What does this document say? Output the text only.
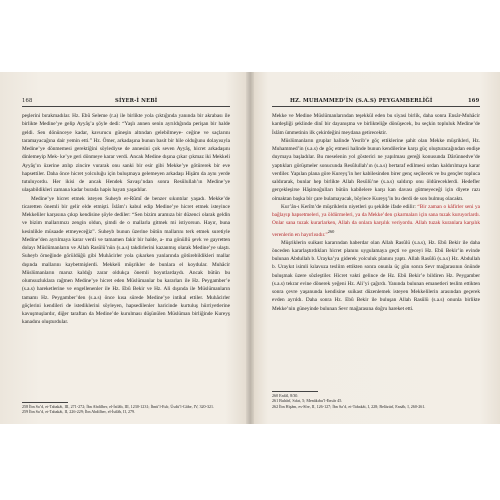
168	SİYER-İ NEBİ

peşlerini bırakmadılar. Hz. Ebû Seleme (r.a) ile birlikte yola çıktığında yanında bir akrabası ile birlikte Medine’ye gelip Ayyâş’a şöyle dedi: “Yaşlı annen senin ayrıldığında perişan bir halde geldi. Sen dönünceye kadar, kavurucu güneşin altından gelebilmeye- ceğine ve saçlarını taramayacağına dair yemin etti.” Hz. Ömer, arkadaşına bunun basit bir hile olduğunu dolayısıyla Medine’ye dönmemesi gerektiğini söylediyse de annesini çok seven Ayyâş, hicret arkadaşını dinlemeyip Mek- ke’ye geri dönmeye karar verdi. Ancak Medine dışına çıkar çıkmaz iki Mekkeli Ayyâş’ın üzerine atılıp zincire vurarak onu sanki bir esir gibi Mekke’ye götürerek bir eve hapsettiler. Daha önce hicret yolculuğu için buluşmaya gelemeyen arkadaşı Hişâm da aynı yerde tutuluyordu. Her ikisi de ancak Hendek Savaşı’ndan sonra Resûlullah’ın Medine’ye ulaşabildikleri zamana kadar burada hapis hayatı yaşadılar.

Medine’ye hicret etmek isteyen Suheyb er-Rûmî de benzer sıkıntılar yaşadı. Mekke’de ticaretten önemli bir gelir elde etmişti. İslâm’ı kabul edip Medine’ye hicret etmek isteyince Mekkeliler karşısına çıkıp kendisine şöyle dediler: “Sen bizim aramıza bir düzenci olarak geldin ve bizim mallarımızı zengin oldun, şimdi de o mallarla gitmek mi istiyorsun. Hayır, buna kesinlikle müsaade etmeyeceğiz”. Suheyb bunun üzerine bütün mallarını terk etmek suretiyle Medine’den ayrılmaya karar verdi ve tamamen fakir bir halde, a- ma gönüllü şevk ve gayretten dolayı Müslümanların ve Allah Rasûlü’nün (s.a.s) takdirlerini kazanmış olarak Medine’ye ulaştı. Suheyb örneğinde görüldüğü gibi Muhâcirler yola çıkarken yanlarında götürebildikleri mallar dışında mallarını kaybetmişlerdi. Mekkeli müşrikler de bunlara el koydular. Muhâcir Müslümanların maruz kaldığı zarar oldukça önemli boyutlardaydı. Ancak bütün bu olumsuzluklara rağmen Medine’ye hicret eden Müslümanlar bu kararları ile Hz. Peygamber’e (s.a.s) hareketlerine ve engellenenler ile Hz. Ebû Bekir ve Hz. Ali dışında ile Müslümanların tamamı Hz. Peygamber’den (s.a.s) önce kısa sürede Medine’ye intikal ettiler. Muhâcirler göçlerini kendileri de istediklerini söyleyen, hapsedilenler haricinde kurtuluş hürriyetlerine kavuşmuşlardır, diğer taraftan da Medine’de kurulması düşünülen Müslüman birliğinde Kureyş kanadını oluşturdular.

258 İbn Sa’d, et-Tabakât, III, 271-272; İbn Abdilber, el-İstîâb, III, 1230-1231; İbnü’l-Esîr, Üsdü’l-Gâbe, IV, 320-321.
259 İbn Sa’d, et-Tabakât, II, 226-229; İbn Abdilber, el-İstîâb, II, 279.
HZ. MUHAMMED’İN (S.A.S) PEYGAMBERLİĞİ	169

Mekke ve Medine Müslümanlarından teşekkül eden bu siyasi birlik, daha sonra Ensâr-Muhâcir kardeşliği şeklinde dinî bir dayanışma ve birlikteliğe dönüşecek, bu seçkin topluluk Medine’de İslâm ümmetinin ilk çekirdeğini meydana getirecektir.

Müslümanların gruplar halinde Yesrib’e göç ettiklerine şahit olan Mekke müşrikleri, Hz. Muhammed’in (s.a.s) de göç etmesi halinde bunun kendilerine karşı güç oluşturacağından endişe duymaya başladılar. Bu meselenin yol gösterici ne yapılması gereği konusunda Dârünnedve’de yaptıkları görüşmeler sonucunda Resûlullah’ın (s.a.s) bertaraf edilmesi ordan kaldırılmaya karar verdiler. Yapılan plana göre Kureyş’in her kabilesinden birer genç seçilecek ve bu gençler topluca saldırarak, bunlar hep birlikte Allah Resûlü’ne (s.a.s) saldırıp onu öldüreceklerdi. Hedefler gerçekleşirse Hâşimoğulları bütün kabilelere karşı kan davası gütmeyeceği için diyete razı olmaktan başka bir çare bulamayacak, böylece Kureyş’in bu derdi de son bulmuş olacaktı.

Kur’ân-ı Kerîm’de müşriklerin niyetleri şu şekilde ifade edilir: “Bir zaman o kâfirler seni ya bağlayıp hapsetmeleri, ya öldürmeleri, ya da Mekke’den çıkarmaları için sana tuzak kuruyorlardı. Onlar sana tuzak kurarlarken, Allah da onlara karşılık veriyordu. Allah tuzak kuranlara karşılık verenlerin en hayırlısıdır.”$^{260}$

Müşriklerin suikast kararından haberdar olan Allah Rasûlü (s.a.s), Hz. Ebû Bekir ile daha önceden kararlaştırdıkları hicret planını uygulamaya geçti ve geceyi Hz. Ebû Bekir’in evinde bulunan Abdullah b. Urayka’ya giderek yolculuk planını yaptı. Allah Rasûlü (s.a.s) Hz. Abdullah b. Uraykıt isimli kılavuza tesliim ettikten sonra onunla üç gün sonra Sevr mağarasının önünde buluşmak üzere sözleştiler. Hicret vakti gelince de Hz. Ebû Bekir’e bildiren Hz. Peygamber (s.a.s) tekrar evine dönerek yeğeni Hz. Ali’yi çağırdı. Yanında bulunan emanetleri teslim ettikten sonra çevre yaşanunda kendisine suikast düzenlemek isteyen Mekkelilerin arasından geçerek evden ayrıldı. Daha sonra Hz. Ebû Bekir ile buluşan Allah Rasûlü (s.a.s) onunla birlikte Mekke’nin güneyinde bulunan Sevr mağarasına doğru hareket etti.

260 Enfâl, 8/30.
261 Buhârî, Sıfat, 5; Menâkıbu’l-Ensâr 45.
262 İbn Hişâm, es-Sîre, II, 126-127; İbn Sa’d, et-Tabakât, I, 228; Belâzürî, Ensâb, I, 260-261.
